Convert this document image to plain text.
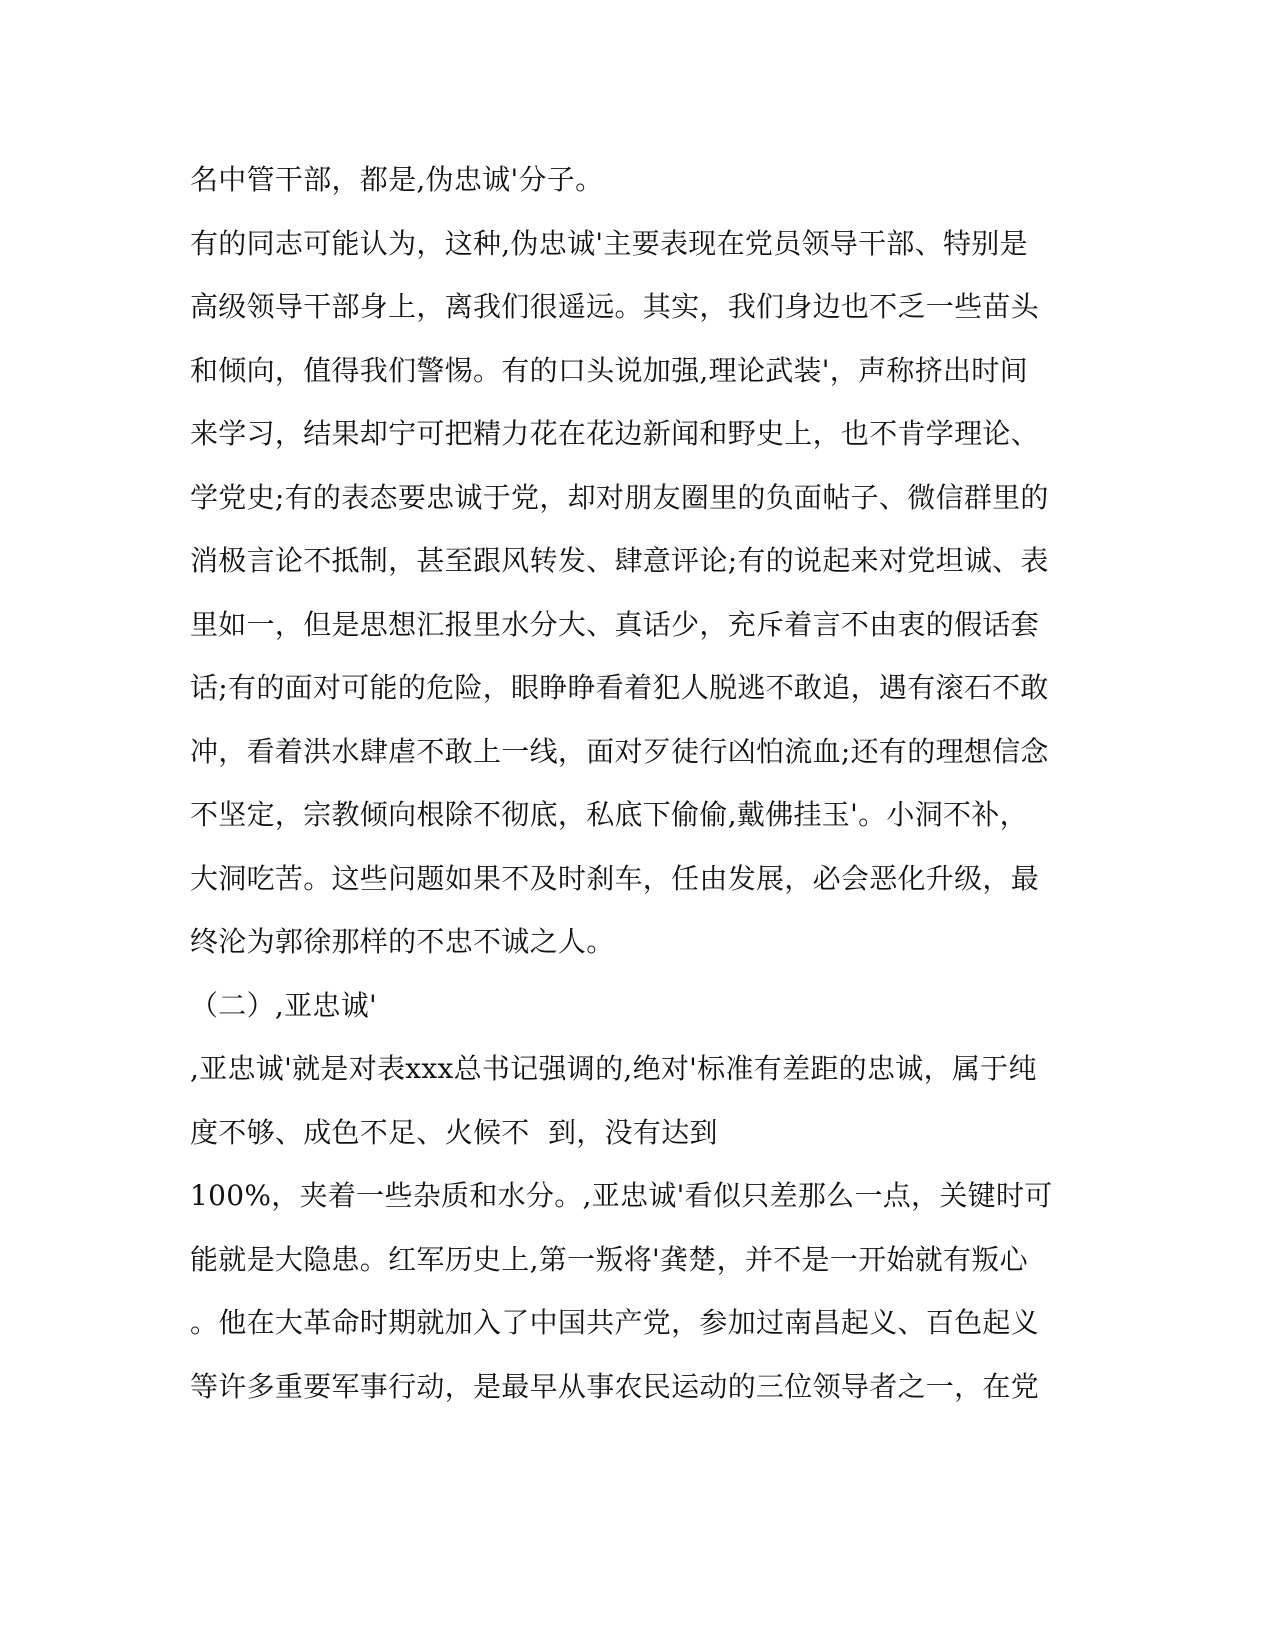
名中管干部，都是,伪忠诚'分子。
有的同志可能认为，这种,伪忠诚'主要表现在党员领导干部、特别是
高级领导干部身上，离我们很遥远。其实，我们身边也不乏一些苗头
和倾向，值得我们警惕。有的口头说加强,理论武装'，声称挤出时间
来学习，结果却宁可把精力花在花边新闻和野史上，也不肯学理论、
学党史;有的表态要忠诚于党，却对朋友圈里的负面帖子、微信群里的
消极言论不抵制，甚至跟风转发、肆意评论;有的说起来对党坦诚、表
里如一，但是思想汇报里水分大、真话少，充斥着言不由衷的假话套
话;有的面对可能的危险，眼睁睁看着犯人脱逃不敢追，遇有滚石不敢
冲，看着洪水肆虐不敢上一线，面对歹徒行凶怕流血;还有的理想信念
不坚定，宗教倾向根除不彻底，私底下偷偷,戴佛挂玉'。小洞不补，
大洞吃苦。这些问题如果不及时刹车，任由发展，必会恶化升级，最
终沦为郭徐那样的不忠不诚之人。
（二）,亚忠诚'
,亚忠诚'就是对表xxx总书记强调的,绝对'标准有差距的忠诚，属于纯
度不够、成色不足、火候不  到，没有达到
100%，夹着一些杂质和水分。,亚忠诚'看似只差那么一点，关键时可
能就是大隐患。红军历史上,第一叛将'龚楚，并不是一开始就有叛心
。他在大革命时期就加入了中国共产党，参加过南昌起义、百色起义
等许多重要军事行动，是最早从事农民运动的三位领导者之一，在党
